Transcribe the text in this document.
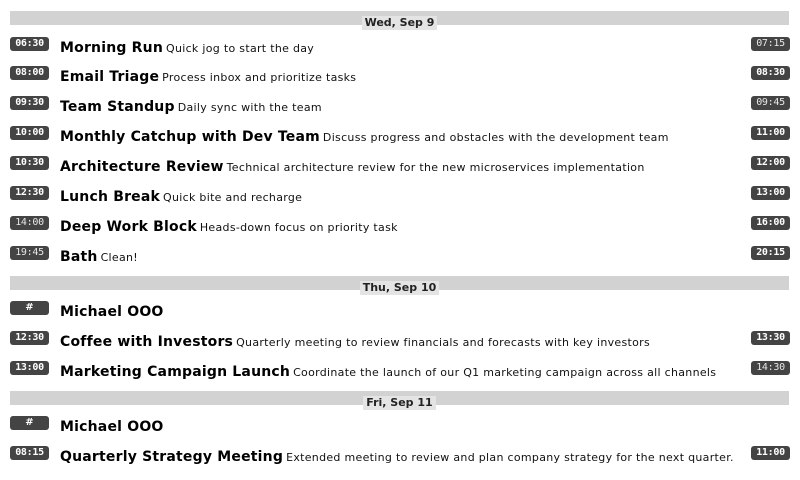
Wed, Sep 9
06:30	Morning Run Quick jog to start the day	07:15
08:00	Email Triage Process inbox and prioritize tasks	08:30
09:30	Team Standup Daily sync with the team	09:45
10:00	Monthly Catchup with Dev Team Discuss progress and obstacles with the development team	11:00
10:30	Architecture Review Technical architecture review for the new microservices implementation	12:00
12:30	Lunch Break Quick bite and recharge	13:00
14:00	Deep Work Block Heads-down focus on priority task	16:00
19:45	Bath Clean!	20:15
Thu, Sep 10
#	Michael OOO
12:30	Coffee with Investors Quarterly meeting to review financials and forecasts with key investors	13:30
13:00	Marketing Campaign Launch Coordinate the launch of our Q1 marketing campaign across all channels	14:30
Fri, Sep 11
#	Michael OOO
08:15	Quarterly Strategy Meeting Extended meeting to review and plan company strategy for the next quarter.	11:00
